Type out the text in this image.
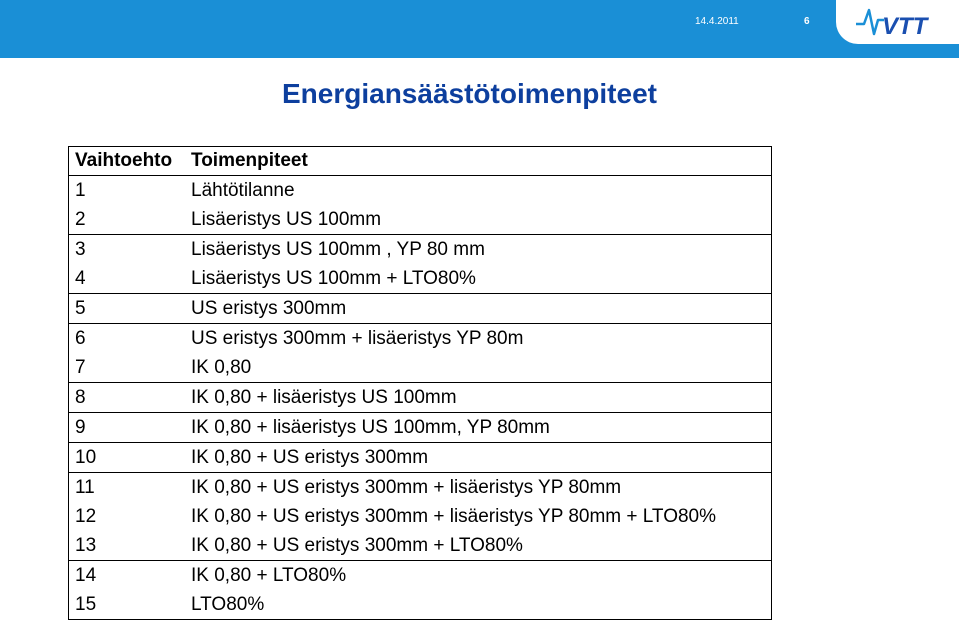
14.4.2011	6	VTT
Energiansäästötoimenpiteet
Vaihtoehto	Toimenpiteet
1	Lähtötilanne
2	Lisäeristys US 100mm
3	Lisäeristys US 100mm , YP 80 mm
4	Lisäeristys US 100mm + LTO80%
5	US eristys 300mm
6	US eristys 300mm + lisäeristys YP 80m
7	IK 0,80
8	IK 0,80 + lisäeristys US 100mm
9	IK 0,80 + lisäeristys US 100mm, YP 80mm
10	IK 0,80 + US eristys 300mm
11	IK 0,80 + US eristys 300mm + lisäeristys YP 80mm
12	IK 0,80 + US eristys 300mm + lisäeristys YP 80mm + LTO80%
13	IK 0,80 + US eristys 300mm + LTO80%
14	IK 0,80 + LTO80%
15	LTO80%
